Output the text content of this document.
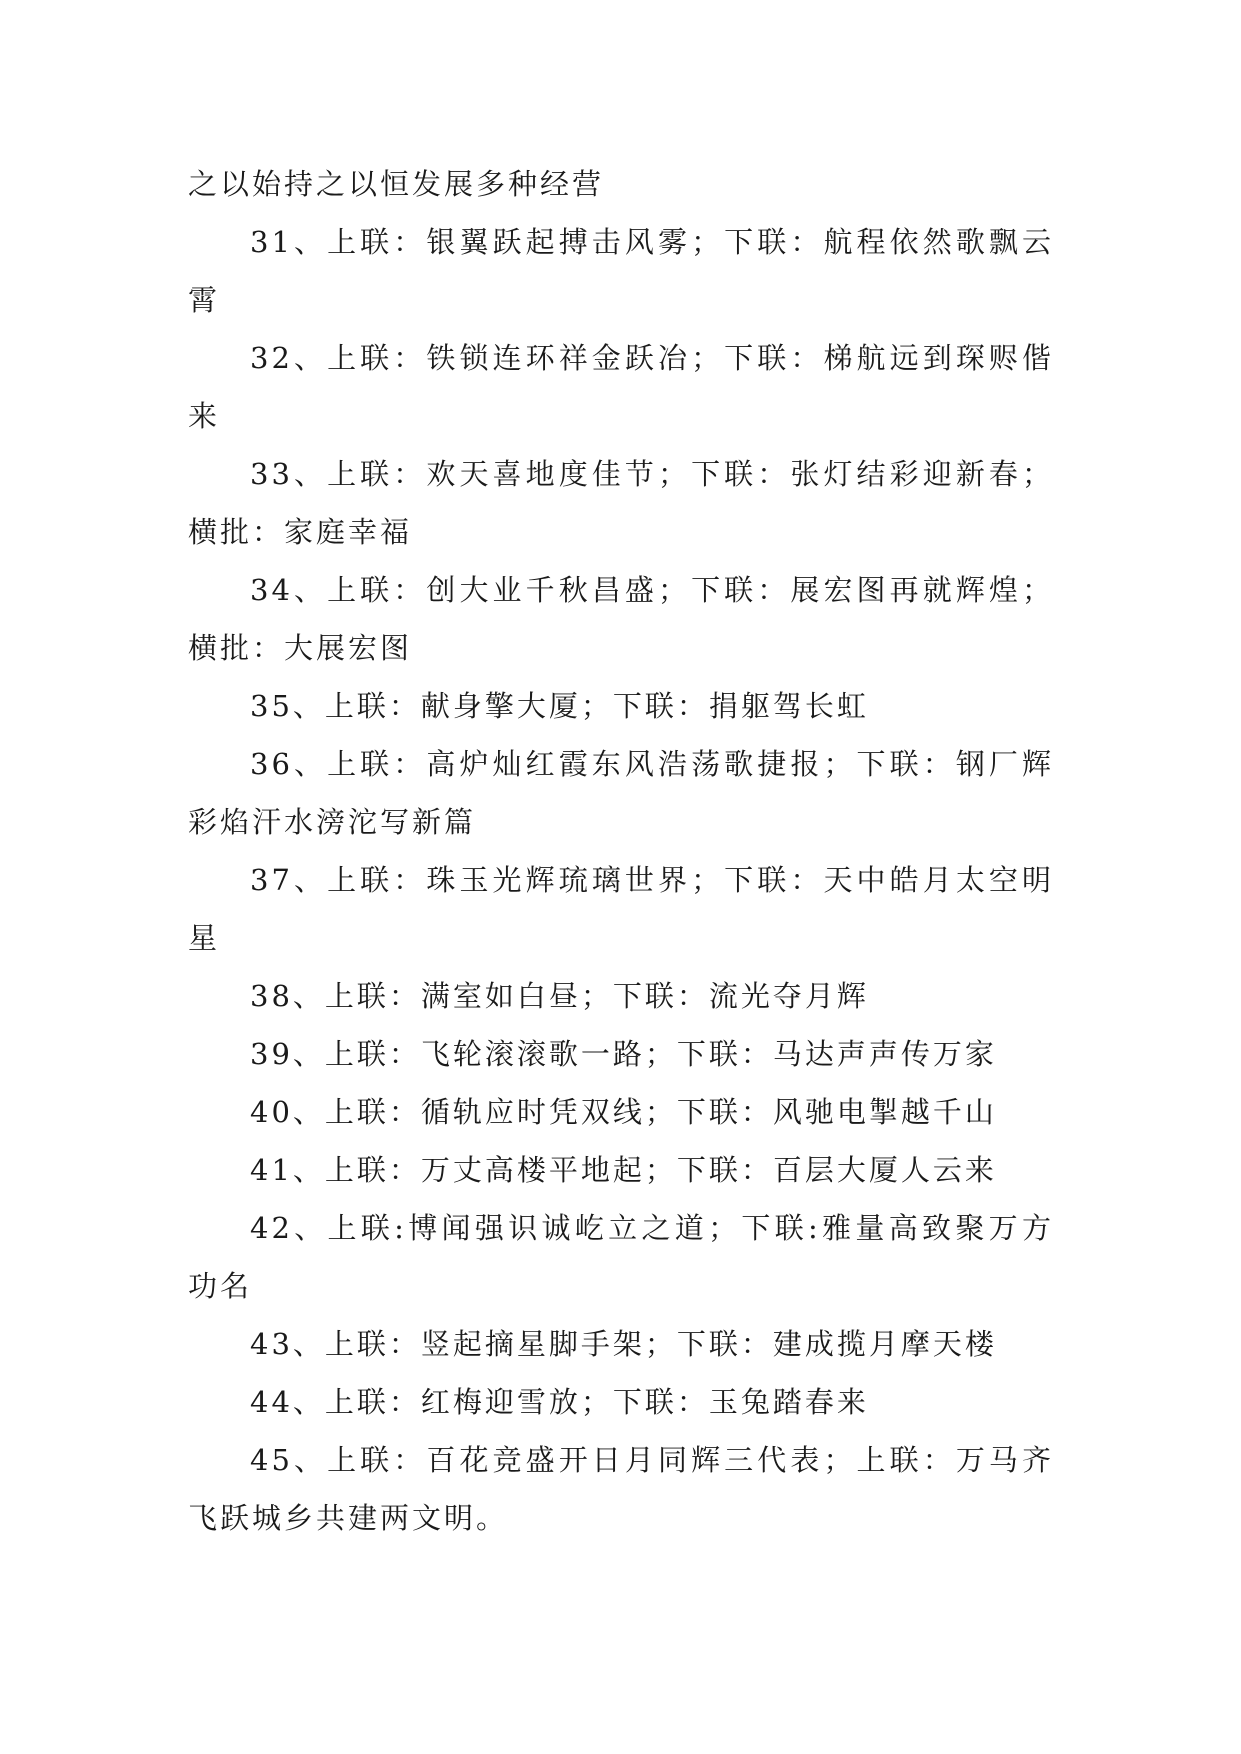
之以始持之以恒发展多种经营

31、上联：银翼跃起搏击风雾；下联：航程依然歌飘云霄

32、上联：铁锁连环祥金跃冶；下联：梯航远到琛赆偕来

33、上联：欢天喜地度佳节；下联：张灯结彩迎新春；横批：家庭幸福

34、上联：创大业千秋昌盛；下联：展宏图再就辉煌；横批：大展宏图

35、上联：献身擎大厦；下联：捐躯驾长虹

36、上联：高炉灿红霞东风浩荡歌捷报；下联：钢厂辉彩焰汗水滂沱写新篇

37、上联：珠玉光辉琉璃世界；下联：天中皓月太空明星

38、上联：满室如白昼；下联：流光夺月辉

39、上联：飞轮滚滚歌一路；下联：马达声声传万家

40、上联：循轨应时凭双线；下联：风驰电掣越千山

41、上联：万丈高楼平地起；下联：百层大厦人云来

42、上联:博闻强识诚屹立之道；下联:雅量高致聚万方功名

43、上联：竖起摘星脚手架；下联：建成揽月摩天楼

44、上联：红梅迎雪放；下联：玉兔踏春来

45、上联：百花竞盛开日月同辉三代表；上联：万马齐飞跃城乡共建两文明。
